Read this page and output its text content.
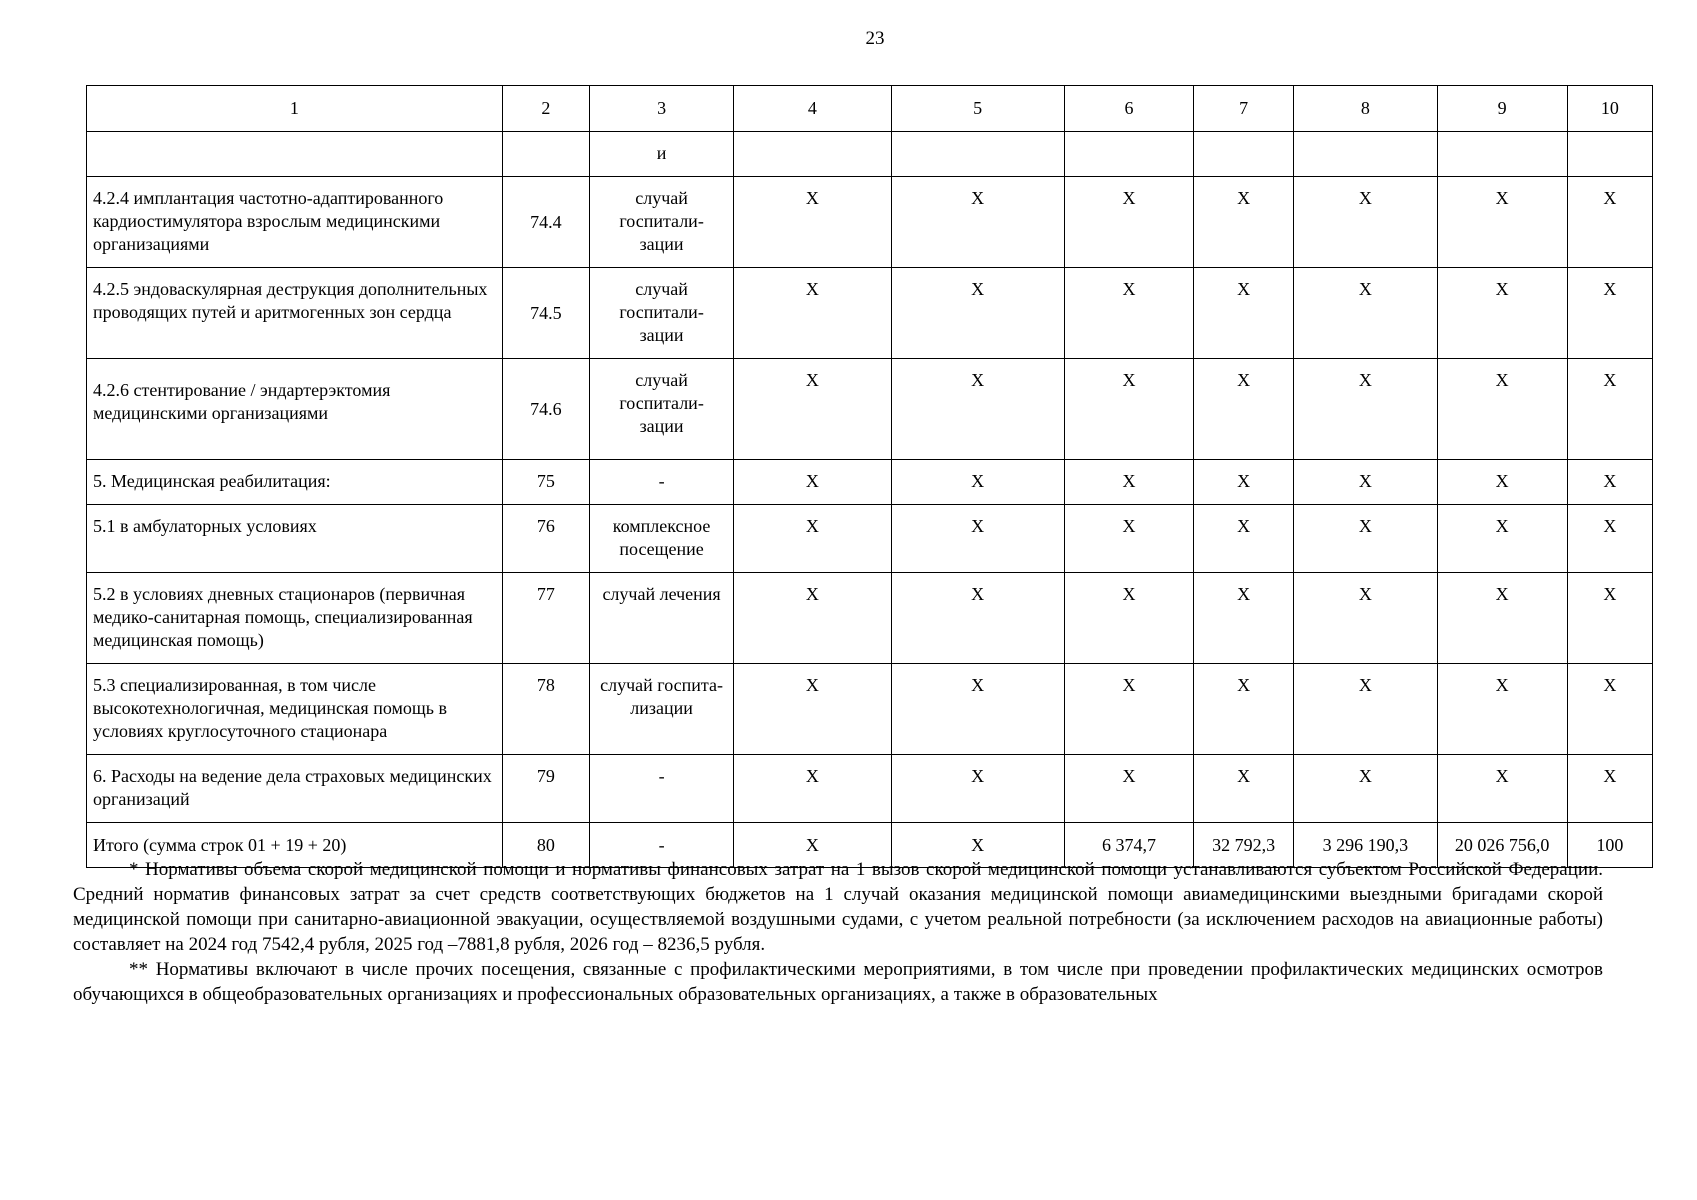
23
1	2	3	4	5	6	7	8	9	10
		и							
4.2.4 имплантация частотно-адаптированного кардиостимулятора взрослым медицинскими организациями	74.4	случай госпитали- зации	Х	Х	Х	Х	Х	Х	Х
4.2.5 эндоваскулярная деструкция дополнительных проводящих путей и аритмогенных зон сердца	74.5	случай госпитали- зации	Х	Х	Х	Х	Х	Х	Х
4.2.6 стентирование / эндартерэктомия медицинскими организациями	74.6	случай госпитали- зации	Х	Х	Х	Х	Х	Х	Х
5. Медицинская реабилитация:	75	-	Х	Х	Х	Х	Х	Х	Х
5.1 в амбулаторных условиях	76	комплексное посещение	Х	Х	Х	Х	Х	Х	Х
5.2 в условиях дневных стационаров (первичная медико-санитарная помощь, специализированная медицинская помощь)	77	случай лечения	Х	Х	Х	Х	Х	Х	Х
5.3 специализированная, в том числе высокотехнологичная, медицинская помощь в условиях круглосуточного стационара	78	случай госпита- лизации	Х	Х	Х	Х	Х	Х	Х
6. Расходы на ведение дела страховых медицинских организаций	79	-	Х	Х	Х	Х	Х	Х	Х
Итого (сумма строк 01 + 19 + 20)	80	-	Х	Х	6 374,7	32 792,3	3 296 190,3	20 026 756,0	100

* Нормативы объема скорой медицинской помощи и нормативы финансовых затрат на 1 вызов скорой медицинской помощи устанавливаются субъектом Российской Федерации. Средний норматив финансовых затрат за счет средств соответствующих бюджетов на 1 случай оказания медицинской помощи авиамедицинскими выездными бригадами скорой медицинской помощи при санитарно-авиационной эвакуации, осуществляемой воздушными судами, с учетом реальной потребности (за исключением расходов на авиационные работы) составляет на 2024 год 7542,4 рубля, 2025 год –7881,8 рубля, 2026 год – 8236,5 рубля.

** Нормативы включают в числе прочих посещения, связанные с профилактическими мероприятиями, в том числе при проведении профилактических медицинских осмотров обучающихся в общеобразовательных организациях и профессиональных образовательных организациях, а также в образовательных
